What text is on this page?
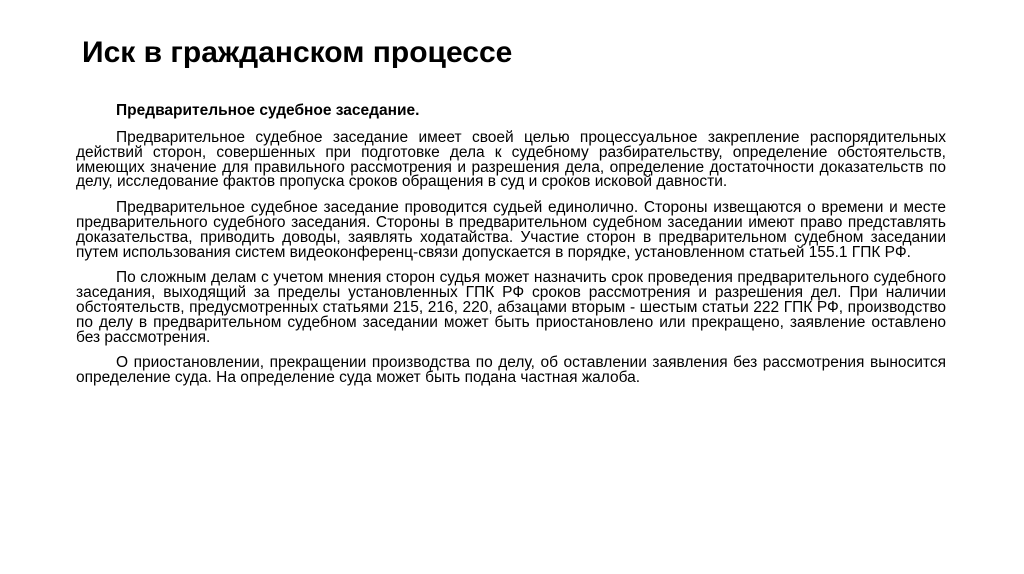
Иск в гражданском процессе

Предварительное судебное заседание.

Предварительное судебное заседание имеет своей целью процессуальное закрепление распорядительных действий сторон, совершенных при подготовке дела к судебному разбирательству, определение обстоятельств, имеющих значение для правильного рассмотрения и разрешения дела, определение достаточности доказательств по делу, исследование фактов пропуска сроков обращения в суд и сроков исковой давности.

Предварительное судебное заседание проводится судьей единолично. Стороны извещаются о времени и месте предварительного судебного заседания. Стороны в предварительном судебном заседании имеют право представлять доказательства, приводить доводы, заявлять ходатайства. Участие сторон в предварительном судебном заседании путем использования систем видеоконференц-связи допускается в порядке, установленном статьей 155.1 ГПК РФ.

По сложным делам с учетом мнения сторон судья может назначить срок проведения предварительного судебного заседания, выходящий за пределы установленных ГПК РФ сроков рассмотрения и разрешения дел. При наличии обстоятельств, предусмотренных статьями 215, 216, 220, абзацами вторым - шестым статьи 222 ГПК РФ, производство по делу в предварительном судебном заседании может быть приостановлено или прекращено, заявление оставлено без рассмотрения.

О приостановлении, прекращении производства по делу, об оставлении заявления без рассмотрения выносится определение суда. На определение суда может быть подана частная жалоба.
